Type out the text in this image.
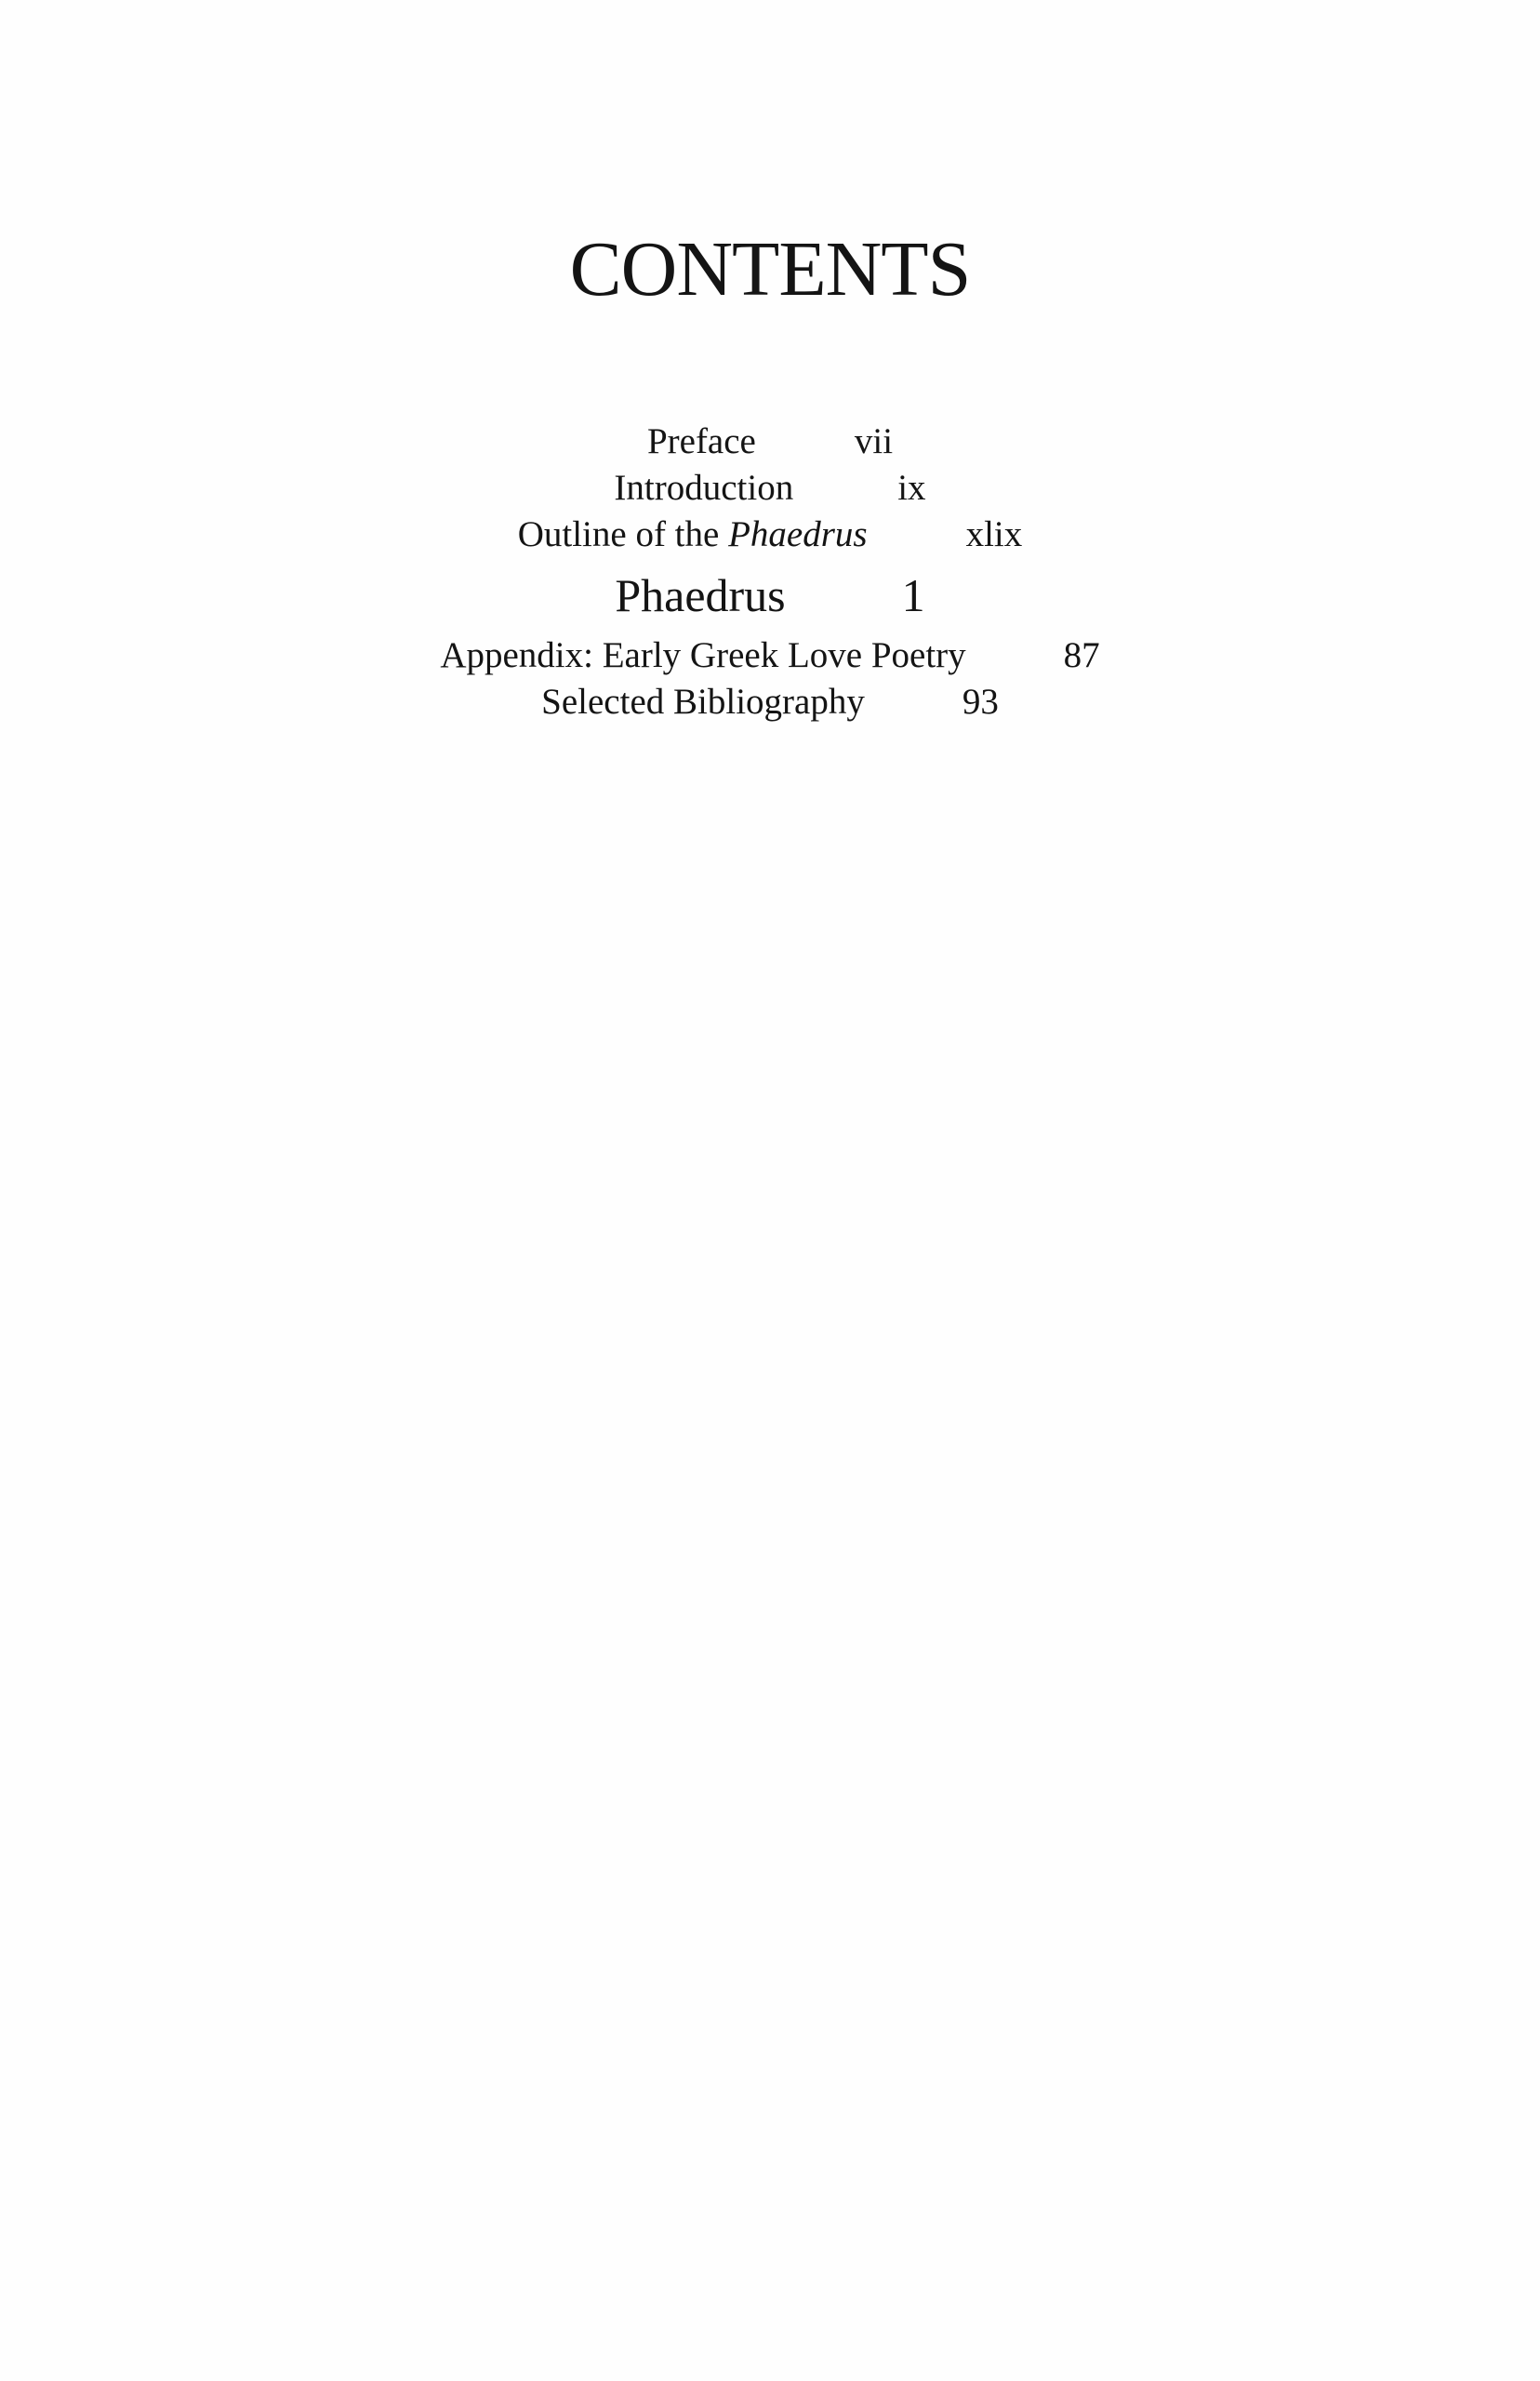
CONTENTS
Preface	vii
Introduction	ix
Outline of the Phaedrus	xlix
Phaedrus	1
Appendix: Early Greek Love Poetry	87
Selected Bibliography	93
